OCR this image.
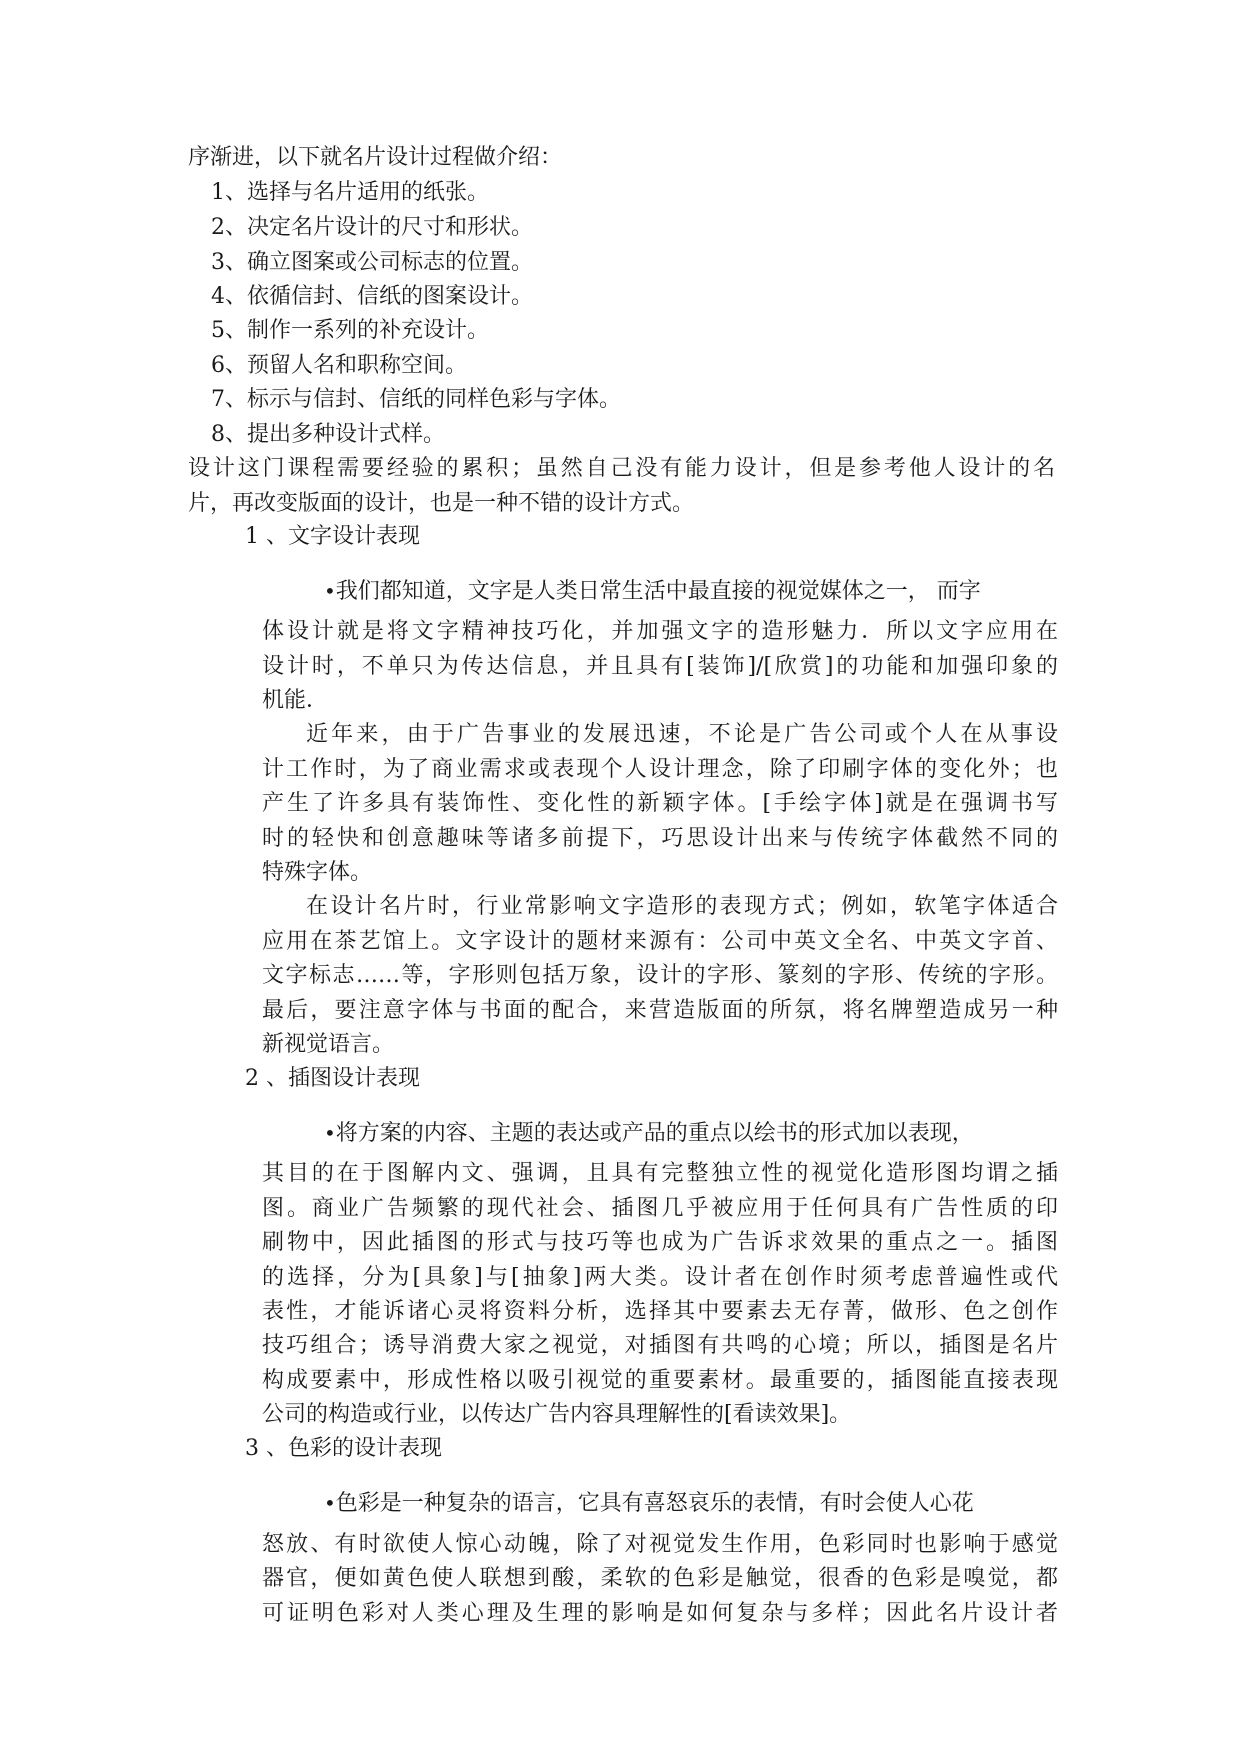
序渐进，以下就名片设计过程做介绍：
1、选择与名片适用的纸张。
2、决定名片设计的尺寸和形状。
3、确立图案或公司标志的位置。
4、依循信封、信纸的图案设计。
5、制作一系列的补充设计。
6、预留人名和职称空间。
7、标示与信封、信纸的同样色彩与字体。
8、提出多种设计式样。
设计这门课程需要经验的累积；虽然自己没有能力设计，但是参考他人设计的名
片，再改变版面的设计，也是一种不错的设计方式。
1 、文字设计表现
•我们都知道，文字是人类日常生活中最直接的视觉媒体之一， 而字
体设计就是将文字精神技巧化，并加强文字的造形魅力．所以文字应用在
设计时，不单只为传达信息，并且具有[装饰]/[欣赏]的功能和加强印象的
机能．
近年来，由于广告事业的发展迅速，不论是广告公司或个人在从事设
计工作时，为了商业需求或表现个人设计理念，除了印刷字体的变化外；也
产生了许多具有装饰性、变化性的新颖字体。[手绘字体]就是在强调书写
时的轻快和创意趣味等诸多前提下，巧思设计出来与传统字体截然不同的
特殊字体。
在设计名片时，行业常影响文字造形的表现方式；例如，软笔字体适合
应用在茶艺馆上。文字设计的题材来源有：公司中英文全名、中英文字首、
文字标志……等，字形则包括万象，设计的字形、篆刻的字形、传统的字形。
最后，要注意字体与书面的配合，来营造版面的所氛，将名牌塑造成另一种
新视觉语言。
2 、插图设计表现
•将方案的内容、主题的表达或产品的重点以绘书的形式加以表现，
其目的在于图解内文、强调，且具有完整独立性的视觉化造形图均谓之插
图。商业广告频繁的现代社会、插图几乎被应用于任何具有广告性质的印
刷物中，因此插图的形式与技巧等也成为广告诉求效果的重点之一。插图
的选择，分为[具象]与[抽象]两大类。设计者在创作时须考虑普遍性或代
表性，才能诉诸心灵将资料分析，选择其中要素去无存菁，做形、色之创作
技巧组合；诱导消费大家之视觉，对插图有共鸣的心境；所以，插图是名片
构成要素中，形成性格以吸引视觉的重要素材。最重要的，插图能直接表现
公司的构造或行业，以传达广告内容具理解性的[看读效果]。
3 、色彩的设计表现
•色彩是一种复杂的语言，它具有喜怒哀乐的表情，有时会使人心花
怒放、有时欲使人惊心动魄，除了对视觉发生作用，色彩同时也影响于感觉
器官，便如黄色使人联想到酸，柔软的色彩是触觉，很香的色彩是嗅觉，都
可证明色彩对人类心理及生理的影响是如何复杂与多样；因此名片设计者
